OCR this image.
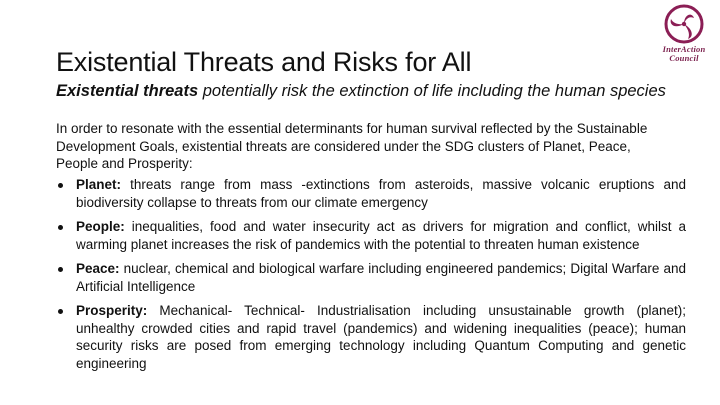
InterAction
Council
Existential Threats and Risks for All
Existential threats potentially risk the extinction of life including the human species
In order to resonate with the essential determinants for human survival reflected by the Sustainable Development Goals, existential threats are considered under the SDG clusters of Planet, Peace, People and Prosperity:
Planet: threats range from mass -extinctions from asteroids, massive volcanic eruptions and biodiversity collapse to threats from our climate emergency
People: inequalities, food and water insecurity act as drivers for migration and conflict, whilst a warming planet increases the risk of pandemics with the potential to threaten human existence
Peace: nuclear, chemical and biological warfare including engineered pandemics; Digital Warfare and Artificial Intelligence
Prosperity: Mechanical- Technical- Industrialisation including unsustainable growth (planet); unhealthy crowded cities and rapid travel (pandemics) and widening inequalities (peace); human security risks are posed from emerging technology including Quantum Computing and genetic engineering
